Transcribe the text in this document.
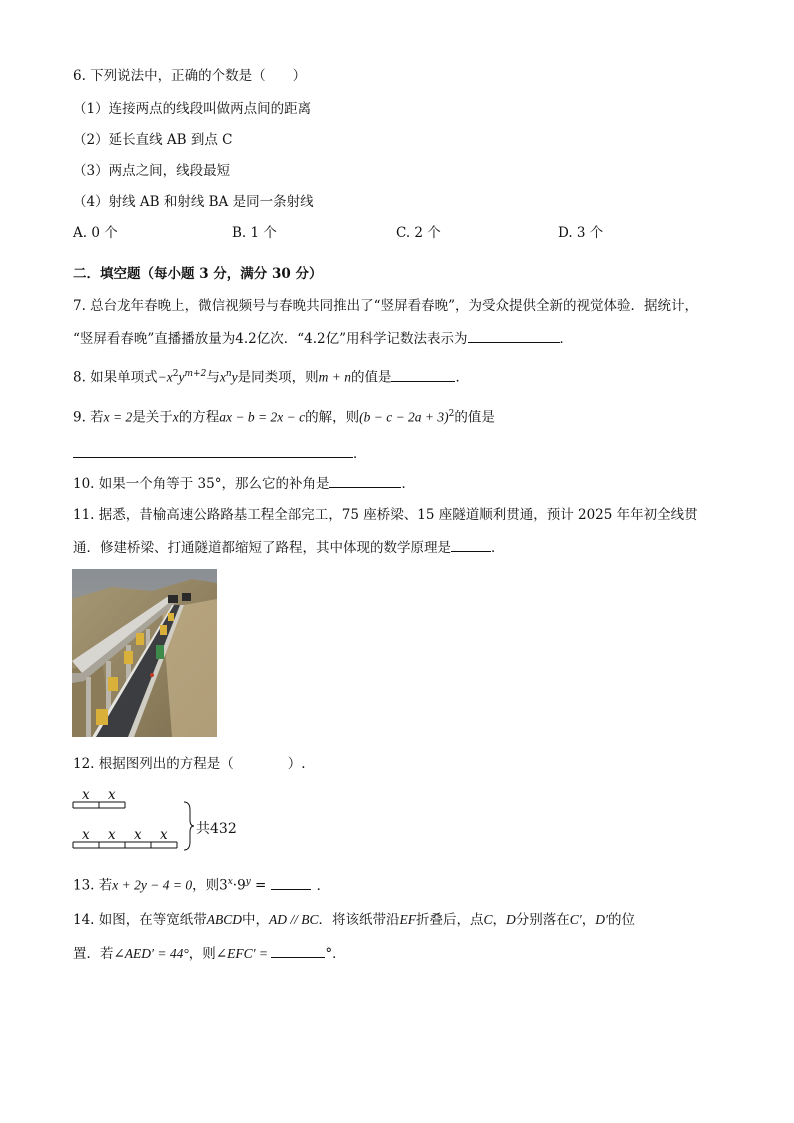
6. 下列说法中，正确的个数是（　　）
（1）连接两点的线段叫做两点间的距离
（2）延长直线 AB 到点 C
（3）两点之间，线段最短
（4）射线 AB 和射线 BA 是同一条射线
A. 0 个	B. 1 个	C. 2 个	D. 3 个
二．填空题（每小题 3 分，满分 30 分）
7. 总台龙年春晚上，微信视频号与春晚共同推出了“竖屏看春晚”，为受众提供全新的视觉体验．据统计，
“竖屏看春晚”直播播放量为4.2亿次．“4.2亿”用科学记数法表示为	．
8. 如果单项式$-x^2y^{m+2}$与$x^ny$是同类项，则m + n的值是	．
9. 若x = 2是关于x的方程ax − b = 2x − c的解，则$(b - c - 2a + 3)^2$的值是
．
10. 如果一个角等于 35°，那么它的补角是	．
11. 据悉，昔榆高速公路路基工程全部完工，75 座桥梁、15 座隧道顺利贯通，预计 2025 年年初全线贯
通．修建桥梁、打通隧道都缩短了路程，其中体现的数学原理是	．
12. 根据图列出的方程是（　　　　）.
x x
x x x x 共432
13. 若x + 2y − 4 = 0，则$3^x\cdot 9^y$ =	．
14. 如图，在等宽纸带ABCD中，AD // BC．将该纸带沿EF折叠后，点C，D分别落在C′，D′的位
置．若∠AED′ = 44°，则∠EFC′ =	°．
